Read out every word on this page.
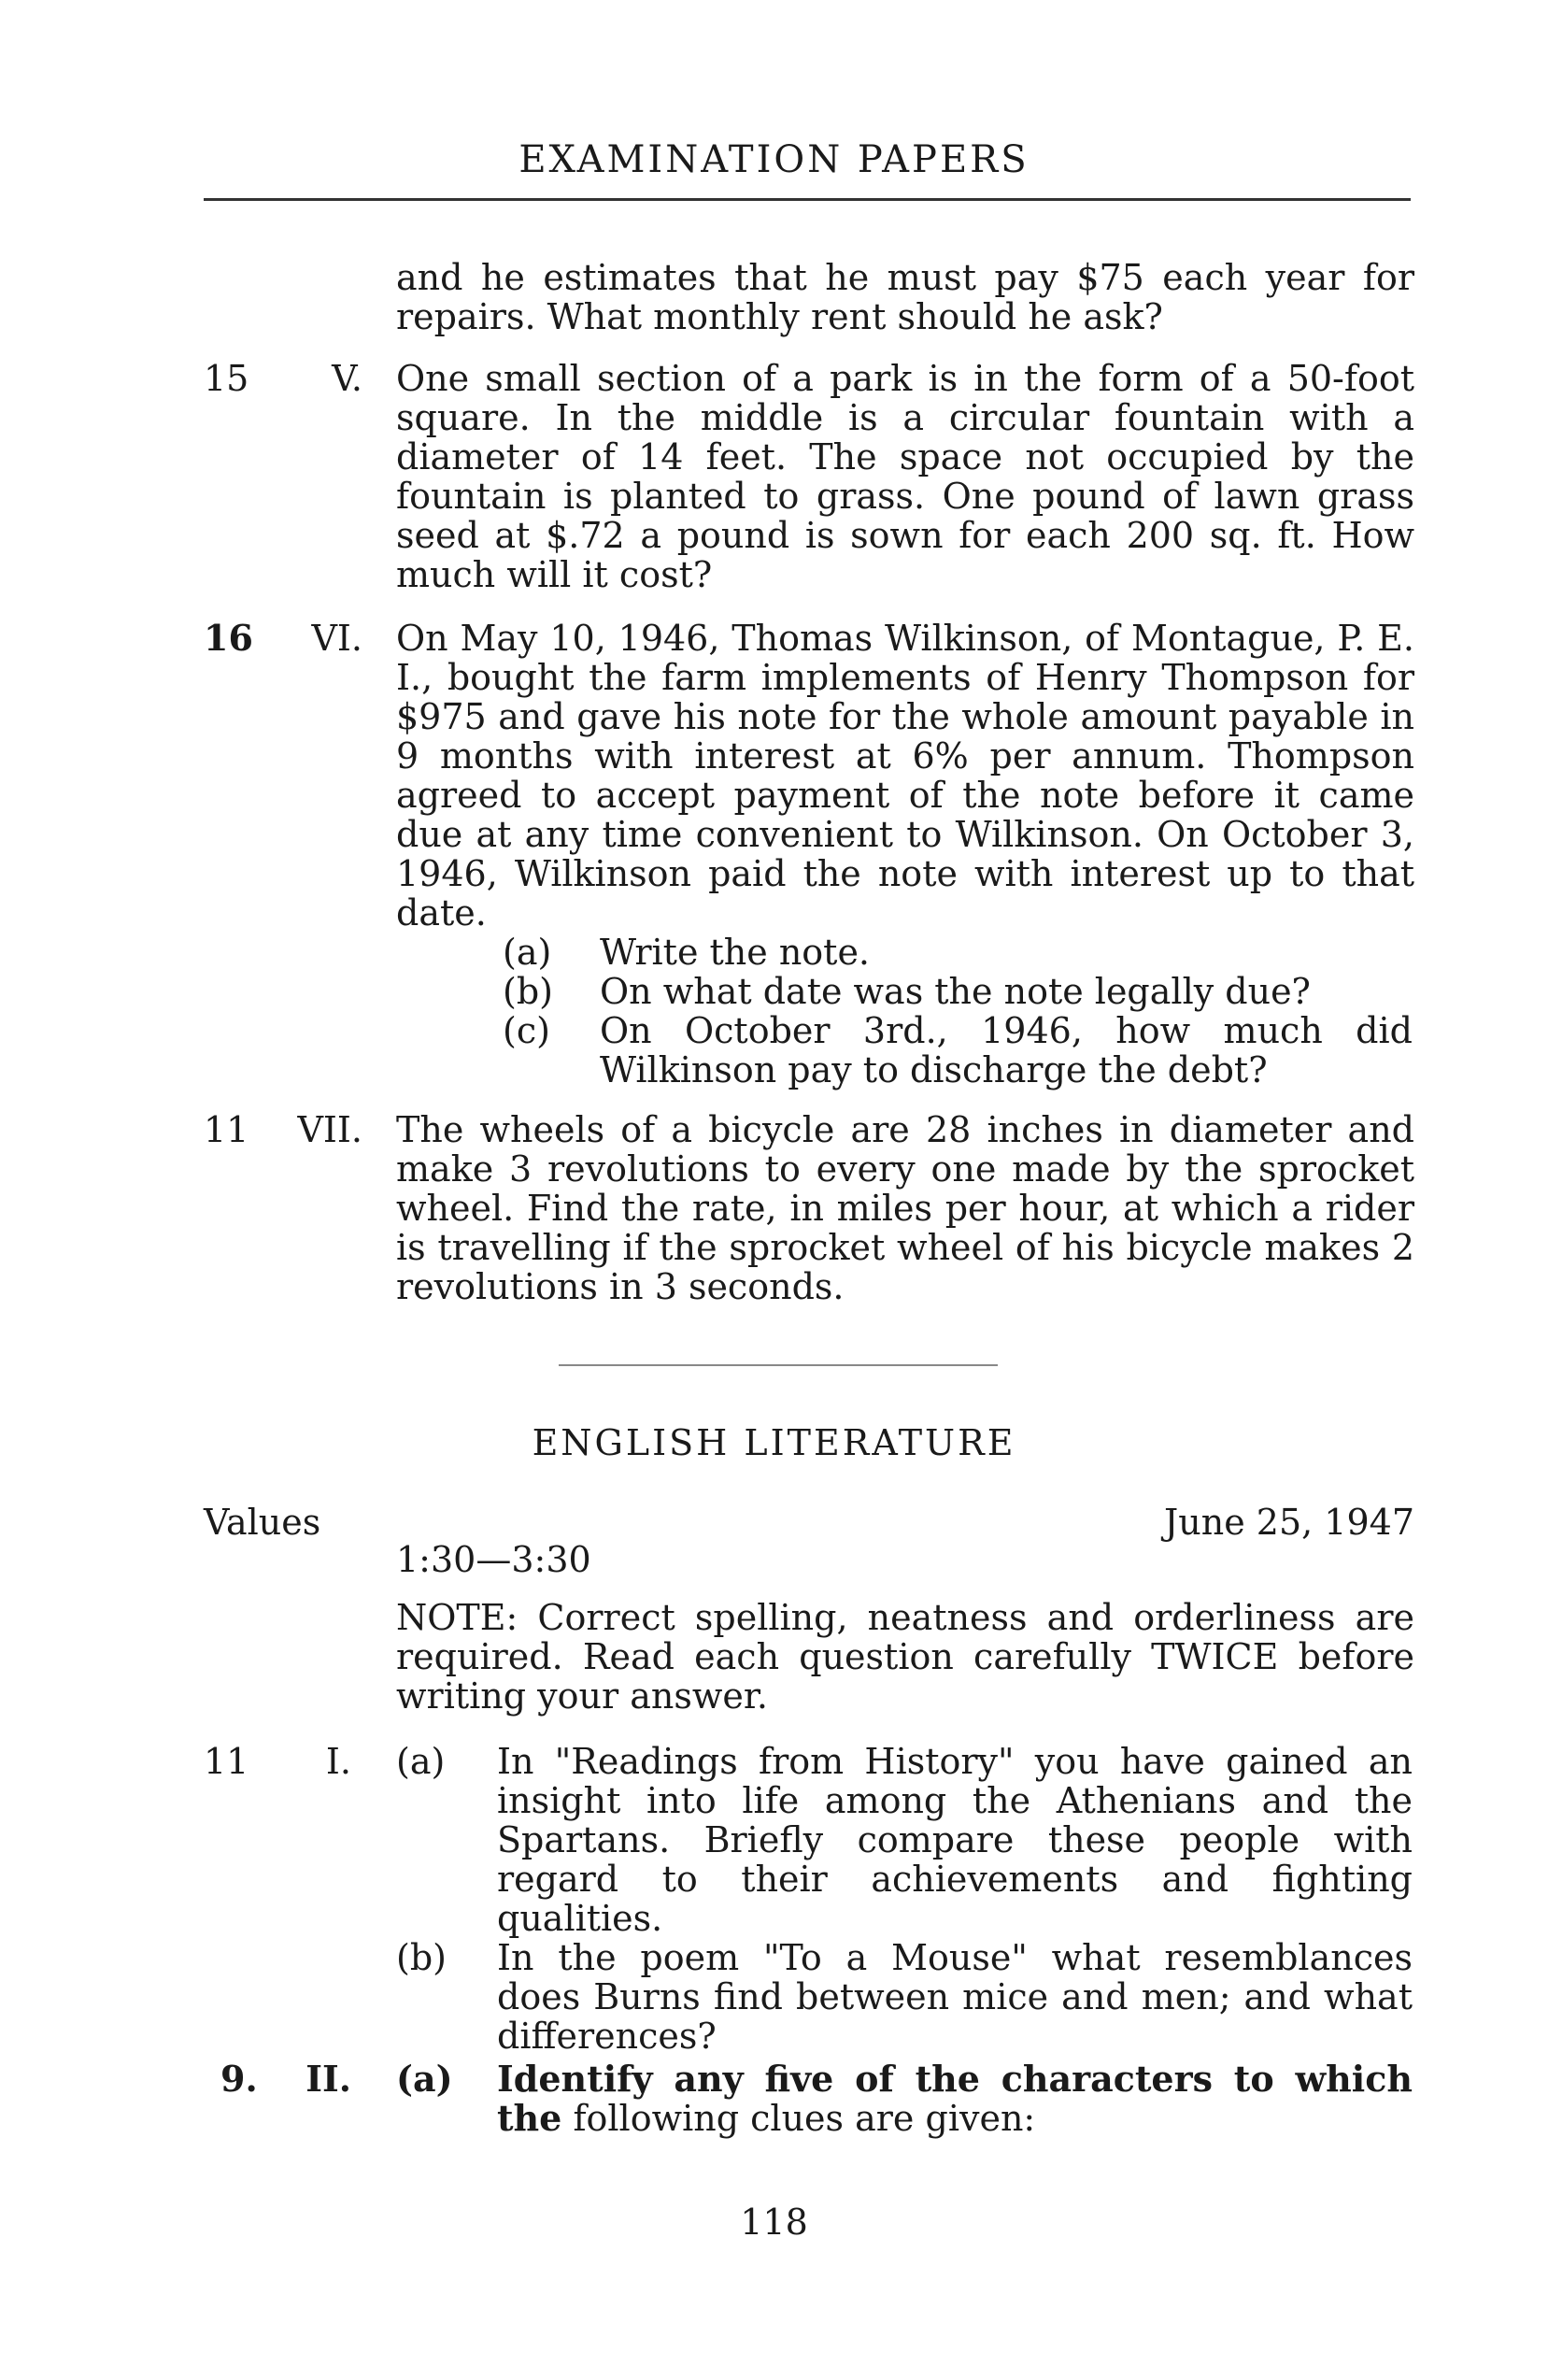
EXAMINATION PAPERS
and he estimates that he must pay $75 each year for repairs. What monthly rent should he ask?
15	V. One small section of a park is in the form of a 50-foot square. In the middle is a circular fountain with a diameter of 14 feet. The space not occupied by the fountain is planted to grass. One pound of lawn grass seed at $.72 a pound is sown for each 200 sq. ft. How much will it cost?
16	VI. On May 10, 1946, Thomas Wilkinson, of Montague, P. E. I., bought the farm implements of Henry Thompson for $975 and gave his note for the whole amount payable in 9 months with interest at 6% per annum. Thompson agreed to accept payment of the note before it came due at any time convenient to Wilkinson. On October 3, 1946, Wilkinson paid the note with interest up to that date.
(a)	Write the note.
(b)	On what date was the note legally due?
(c)	On October 3rd., 1946, how much did Wilkinson pay to discharge the debt?
11	VII. The wheels of a bicycle are 28 inches in diameter and make 3 revolutions to every one made by the sprocket wheel. Find the rate, in miles per hour, at which a rider is travelling if the sprocket wheel of his bicycle makes 2 revolutions in 3 seconds.
ENGLISH LITERATURE
Values	June 25, 1947
1:30—3:30
NOTE: Correct spelling, neatness and orderliness are required. Read each question carefully TWICE before writing your answer.
11	I. (a)	In "Readings from History" you have gained an insight into life among the Athenians and the Spartans. Briefly compare these people with regard to their achievements and fighting qualities.
(b)	In the poem "To a Mouse" what resemblances does Burns find between mice and men; and what differences?
9.	II. (a)	Identify any five of the characters to which the following clues are given:
118
